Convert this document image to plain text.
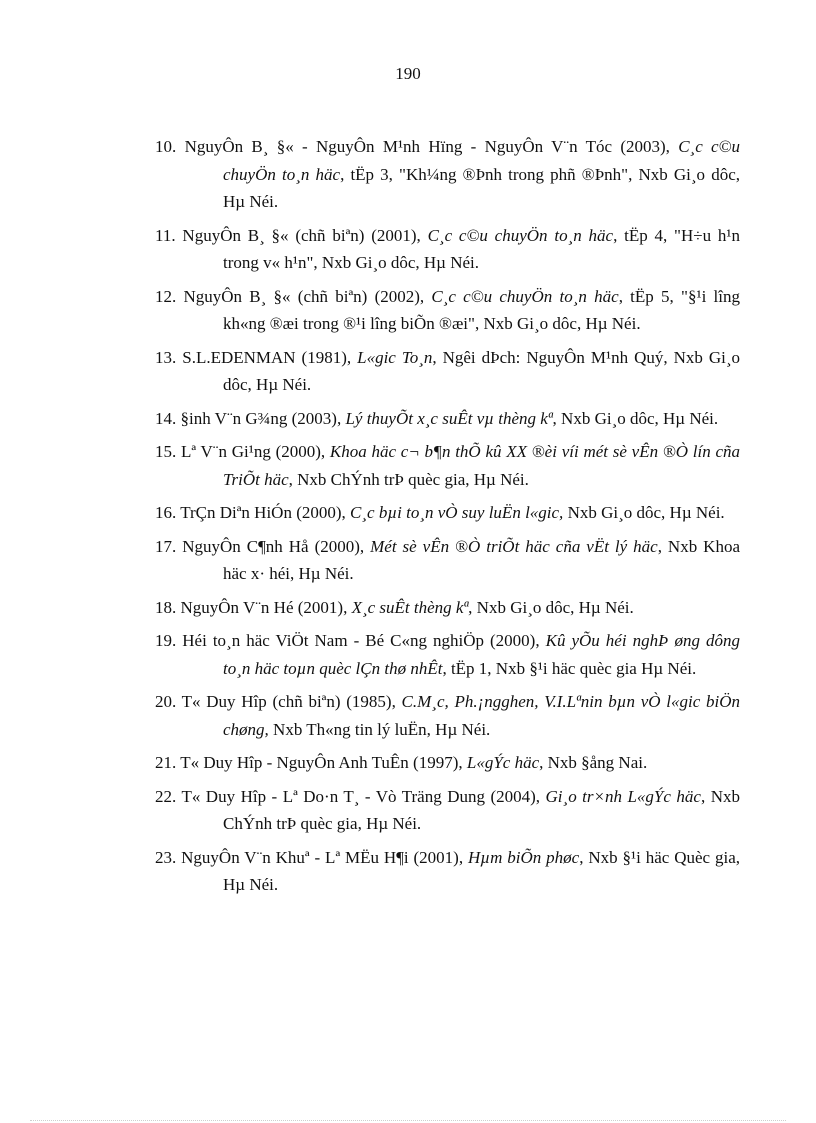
190
10. NguyÔn B¸ §« - NguyÔn M¹nh Hïng - NguyÔn V¨n Tóc (2003), C¸c c©u chuyÖn to¸n häc, tËp 3, "Kh¼ng ®Þnh trong phñ ®Þnh", Nxb Gi¸o dôc, Hµ Néi.
11. NguyÔn B¸ §« (chñ biªn) (2001), C¸c c©u chuyÖn to¸n häc, tËp 4, "H÷u h¹n trong v« h¹n", Nxb Gi¸o dôc, Hµ Néi.
12. NguyÔn B¸ §« (chñ biªn) (2002), C¸c c©u chuyÖn to¸n häc, tËp 5, "§¹i lîng kh«ng ®æi trong ®¹i lîng biÕn ®æi", Nxb Gi¸o dôc, Hµ Néi.
13. S.L.EDENMAN (1981), L«gic To¸n, Ngêi dÞch: NguyÔn M¹nh Quý, Nxb Gi¸o dôc, Hµ Néi.
14. §inh V¨n G¾ng (2003), Lý thuyÕt x¸c suÊt vµ thèng kª, Nxb Gi¸o dôc, Hµ Néi.
15. Lª V¨n Gi¹ng (2000), Khoa häc c¬ b¶n thÕ kû XX ®èi víi mét sè vÊn ®Ò lín cña TriÕt häc, Nxb ChÝnh trÞ quèc gia, Hµ Néi.
16. TrÇn Diªn HiÓn (2000), C¸c bµi to¸n vÒ suy luËn l«gic, Nxb Gi¸o dôc, Hµ Néi.
17. NguyÔn C¶nh Hå (2000), Mét sè vÊn ®Ò triÕt häc cña vËt lý häc, Nxb Khoa häc x· héi, Hµ Néi.
18. NguyÔn V¨n Hé (2001), X¸c suÊt thèng kª, Nxb Gi¸o dôc, Hµ Néi.
19. Héi to¸n häc ViÖt Nam - Bé C«ng nghiÖp (2000), Kû yÕu héi nghÞ øng dông to¸n häc toµn quèc lÇn thø nhÊt, tËp 1, Nxb §¹i häc quèc gia Hµ Néi.
20. T« Duy Hîp (chñ biªn) (1985), C.M¸c, Ph.¡ngghen, V.I.Lªnin bµn vÒ l«gic biÖn chøng, Nxb Th«ng tin lý luËn, Hµ Néi.
21. T« Duy Hîp - NguyÔn Anh TuÊn (1997), L«gÝc häc, Nxb §ång Nai.
22. T« Duy Hîp - Lª Do·n T¸ - Vò Träng Dung (2004), Gi¸o tr×nh L«gÝc häc, Nxb ChÝnh trÞ quèc gia, Hµ Néi.
23. NguyÔn V¨n Khuª - Lª MËu H¶i (2001), Hµm biÕn phøc, Nxb §¹i häc Quèc gia, Hµ Néi.
